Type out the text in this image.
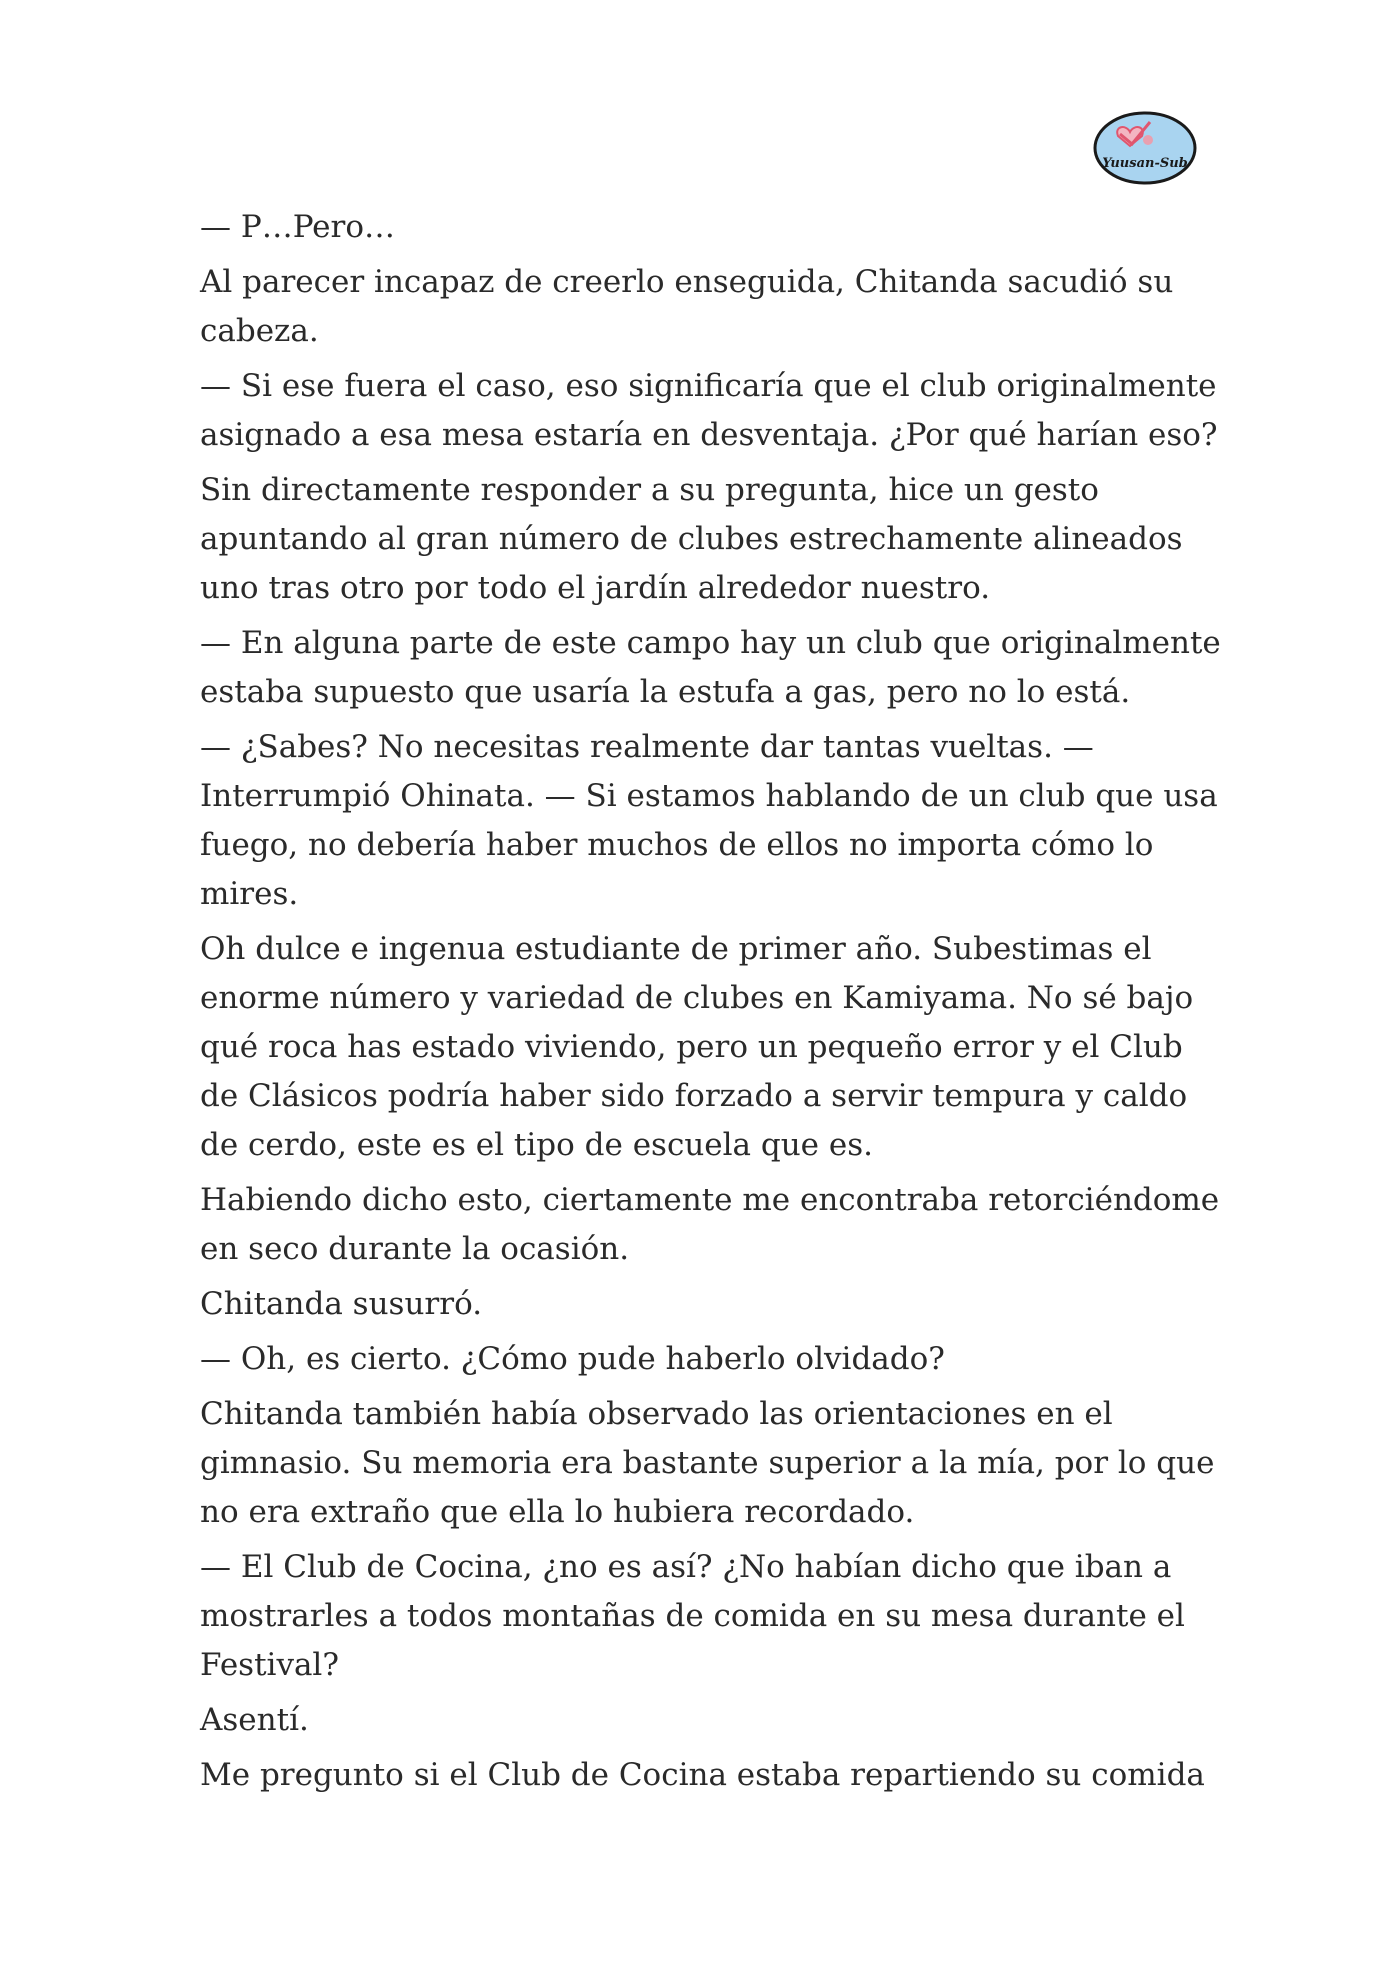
Yuusan-Sub

— P…Pero…

Al parecer incapaz de creerlo enseguida, Chitanda sacudió su
cabeza.

— Si ese fuera el caso, eso significaría que el club originalmente
asignado a esa mesa estaría en desventaja. ¿Por qué harían eso?

Sin directamente responder a su pregunta, hice un gesto
apuntando al gran número de clubes estrechamente alineados
uno tras otro por todo el jardín alrededor nuestro.

— En alguna parte de este campo hay un club que originalmente
estaba supuesto que usaría la estufa a gas, pero no lo está.

— ¿Sabes? No necesitas realmente dar tantas vueltas. —
Interrumpió Ohinata. — Si estamos hablando de un club que usa
fuego, no debería haber muchos de ellos no importa cómo lo
mires.

Oh dulce e ingenua estudiante de primer año. Subestimas el
enorme número y variedad de clubes en Kamiyama. No sé bajo
qué roca has estado viviendo, pero un pequeño error y el Club
de Clásicos podría haber sido forzado a servir tempura y caldo
de cerdo, este es el tipo de escuela que es.

Habiendo dicho esto, ciertamente me encontraba retorciéndome
en seco durante la ocasión.

Chitanda susurró.

— Oh, es cierto. ¿Cómo pude haberlo olvidado?

Chitanda también había observado las orientaciones en el
gimnasio. Su memoria era bastante superior a la mía, por lo que
no era extraño que ella lo hubiera recordado.

— El Club de Cocina, ¿no es así? ¿No habían dicho que iban a
mostrarles a todos montañas de comida en su mesa durante el
Festival?

Asentí.

Me pregunto si el Club de Cocina estaba repartiendo su comida
